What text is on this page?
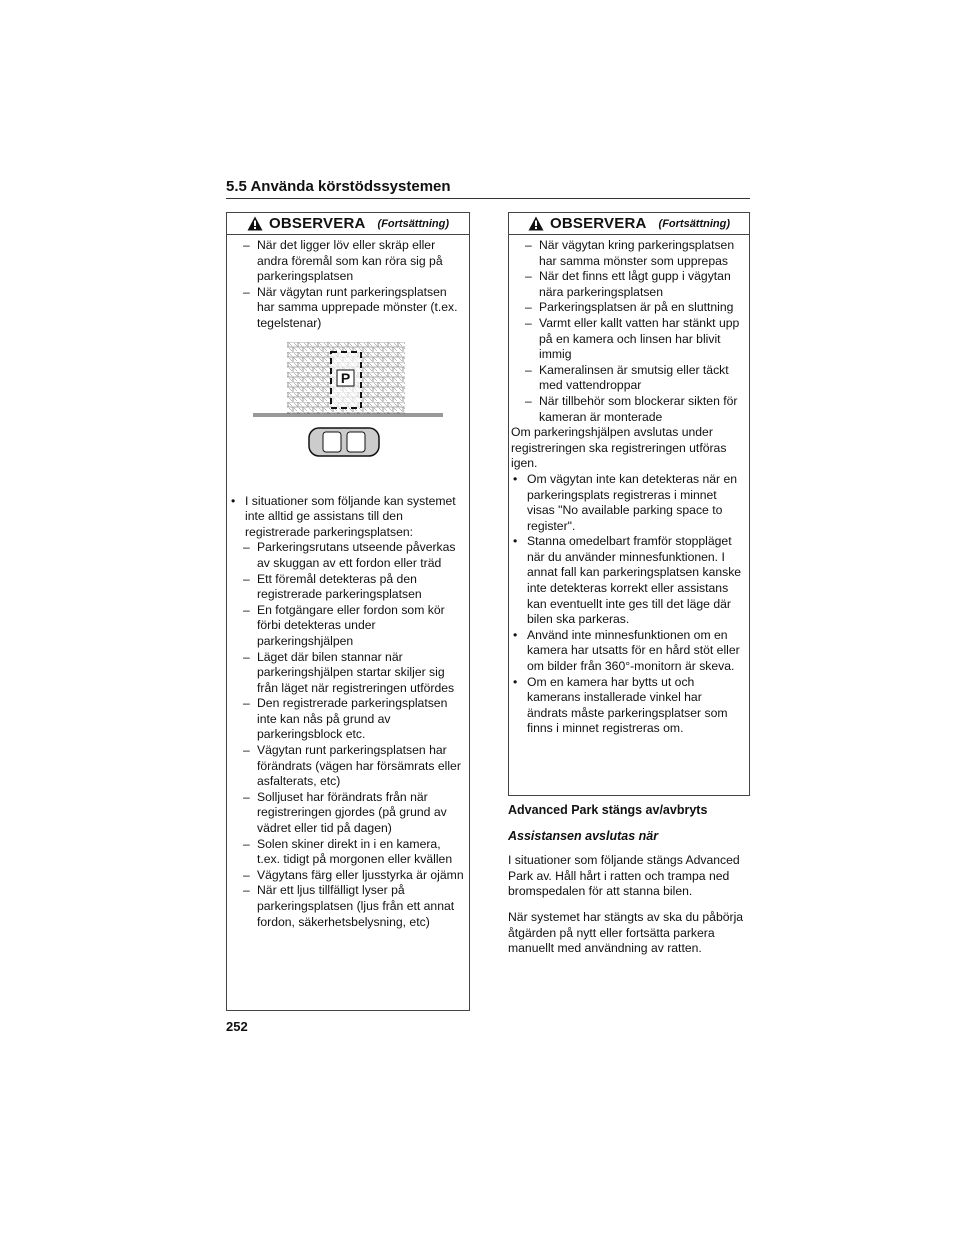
5.5 Använda körstödssystemen
OBSERVERA (Fortsättning)
– När det ligger löv eller skräp eller andra föremål som kan röra sig på parkeringsplatsen
– När vägytan runt parkeringsplatsen har samma upprepade mönster (t.ex. tegelstenar)
P
• I situationer som följande kan systemet inte alltid ge assistans till den registrerade parkeringsplatsen:
– Parkeringsrutans utseende påverkas av skuggan av ett fordon eller träd
– Ett föremål detekteras på den registrerade parkeringsplatsen
– En fotgängare eller fordon som kör förbi detekteras under parkeringshjälpen
– Läget där bilen stannar när parkeringshjälpen startar skiljer sig från läget när registreringen utfördes
– Den registrerade parkeringsplatsen inte kan nås på grund av parkeringsblock etc.
– Vägytan runt parkeringsplatsen har förändrats (vägen har försämrats eller asfalterats, etc)
– Solljuset har förändrats från när registreringen gjordes (på grund av vädret eller tid på dagen)
– Solen skiner direkt in i en kamera, t.ex. tidigt på morgonen eller kvällen
– Vägytans färg eller ljusstyrka är ojämn
– När ett ljus tillfälligt lyser på parkeringsplatsen (ljus från ett annat fordon, säkerhetsbelysning, etc)
OBSERVERA (Fortsättning)
– När vägytan kring parkeringsplatsen har samma mönster som upprepas
– När det finns ett lågt gupp i vägytan nära parkeringsplatsen
– Parkeringsplatsen är på en sluttning
– Varmt eller kallt vatten har stänkt upp på en kamera och linsen har blivit immig
– Kameralinsen är smutsig eller täckt med vattendroppar
– När tillbehör som blockerar sikten för kameran är monterade
Om parkeringshjälpen avslutas under registreringen ska registreringen utföras igen.
• Om vägytan inte kan detekteras när en parkeringsplats registreras i minnet visas "No available parking space to register".
• Stanna omedelbart framför stoppläget när du använder minnesfunktionen. I annat fall kan parkeringsplatsen kanske inte detekteras korrekt eller assistans kan eventuellt inte ges till det läge där bilen ska parkeras.
• Använd inte minnesfunktionen om en kamera har utsatts för en hård stöt eller om bilder från 360°-monitorn är skeva.
• Om en kamera har bytts ut och kamerans installerade vinkel har ändrats måste parkeringsplatser som finns i minnet registreras om.
Advanced Park stängs av/avbryts
Assistansen avslutas när

I situationer som följande stängs Advanced Park av. Håll hårt i ratten och trampa ned bromspedalen för att stanna bilen.

När systemet har stängts av ska du påbörja åtgärden på nytt eller fortsätta parkera manuellt med användning av ratten.

252
